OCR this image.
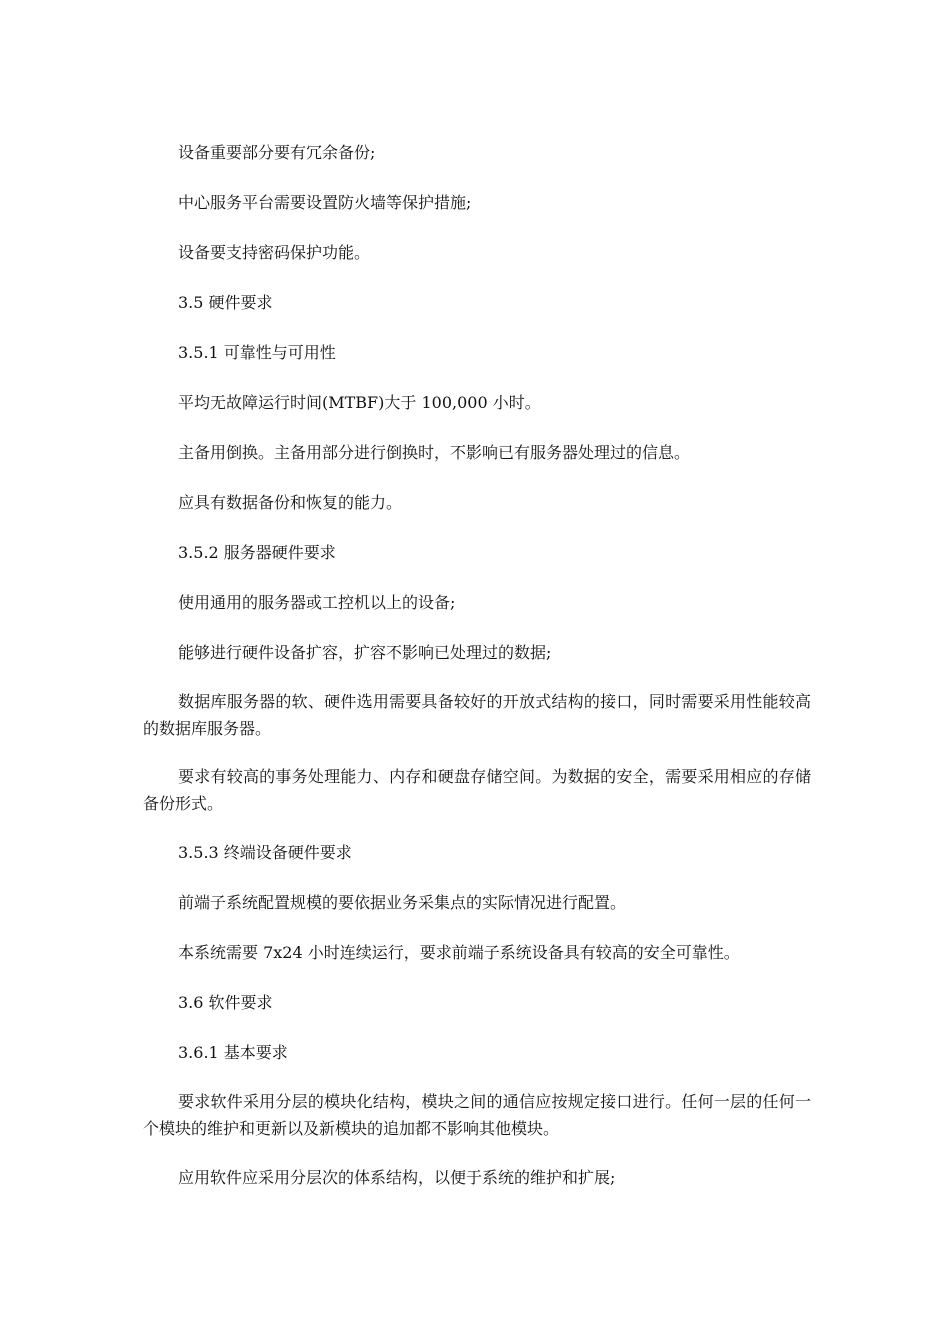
设备重要部分要有冗余备份;
中心服务平台需要设置防火墙等保护措施;
设备要支持密码保护功能。
3.5 硬件要求
3.5.1 可靠性与可用性
平均无故障运行时间(MTBF)大于 100,000 小时。
主备用倒换。主备用部分进行倒换时，不影响已有服务器处理过的信息。
应具有数据备份和恢复的能力。
3.5.2 服务器硬件要求
使用通用的服务器或工控机以上的设备;
能够进行硬件设备扩容，扩容不影响已处理过的数据;
数据库服务器的软、硬件选用需要具备较好的开放式结构的接口，同时需要采用性能较高的数据库服务器。
要求有较高的事务处理能力、内存和硬盘存储空间。为数据的安全，需要采用相应的存储备份形式。
3.5.3 终端设备硬件要求
前端子系统配置规模的要依据业务采集点的实际情况进行配置。
本系统需要 7x24 小时连续运行，要求前端子系统设备具有较高的安全可靠性。
3.6 软件要求
3.6.1 基本要求
要求软件采用分层的模块化结构，模块之间的通信应按规定接口进行。任何一层的任何一个模块的维护和更新以及新模块的追加都不影响其他模块。
应用软件应采用分层次的体系结构，以便于系统的维护和扩展;
